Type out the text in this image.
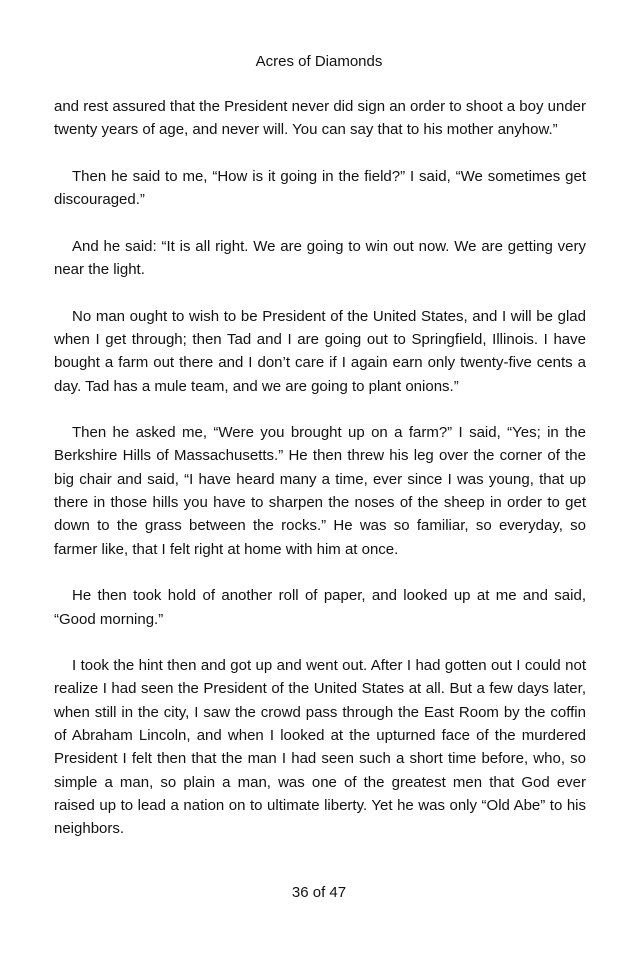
Acres of Diamonds

and rest assured that the President never did sign an order to shoot a boy under twenty years of age, and never will. You can say that to his mother anyhow.”

Then he said to me, “How is it going in the field?” I said, “We sometimes get discouraged.”

And he said: “It is all right. We are going to win out now. We are getting very near the light.

No man ought to wish to be President of the United States, and I will be glad when I get through; then Tad and I are going out to Springfield, Illinois. I have bought a farm out there and I don’t care if I again earn only twenty-five cents a day. Tad has a mule team, and we are going to plant onions.”

Then he asked me, “Were you brought up on a farm?” I said, “Yes; in the Berkshire Hills of Massachusetts.” He then threw his leg over the corner of the big chair and said, “I have heard many a time, ever since I was young, that up there in those hills you have to sharpen the noses of the sheep in order to get down to the grass between the rocks.” He was so familiar, so everyday, so farmer like, that I felt right at home with him at once.

He then took hold of another roll of paper, and looked up at me and said, “Good morning.”

I took the hint then and got up and went out. After I had gotten out I could not realize I had seen the President of the United States at all. But a few days later, when still in the city, I saw the crowd pass through the East Room by the coffin of Abraham Lincoln, and when I looked at the upturned face of the murdered President I felt then that the man I had seen such a short time before, who, so simple a man, so plain a man, was one of the greatest men that God ever raised up to lead a nation on to ultimate liberty. Yet he was only “Old Abe” to his neighbors.

36 of 47
